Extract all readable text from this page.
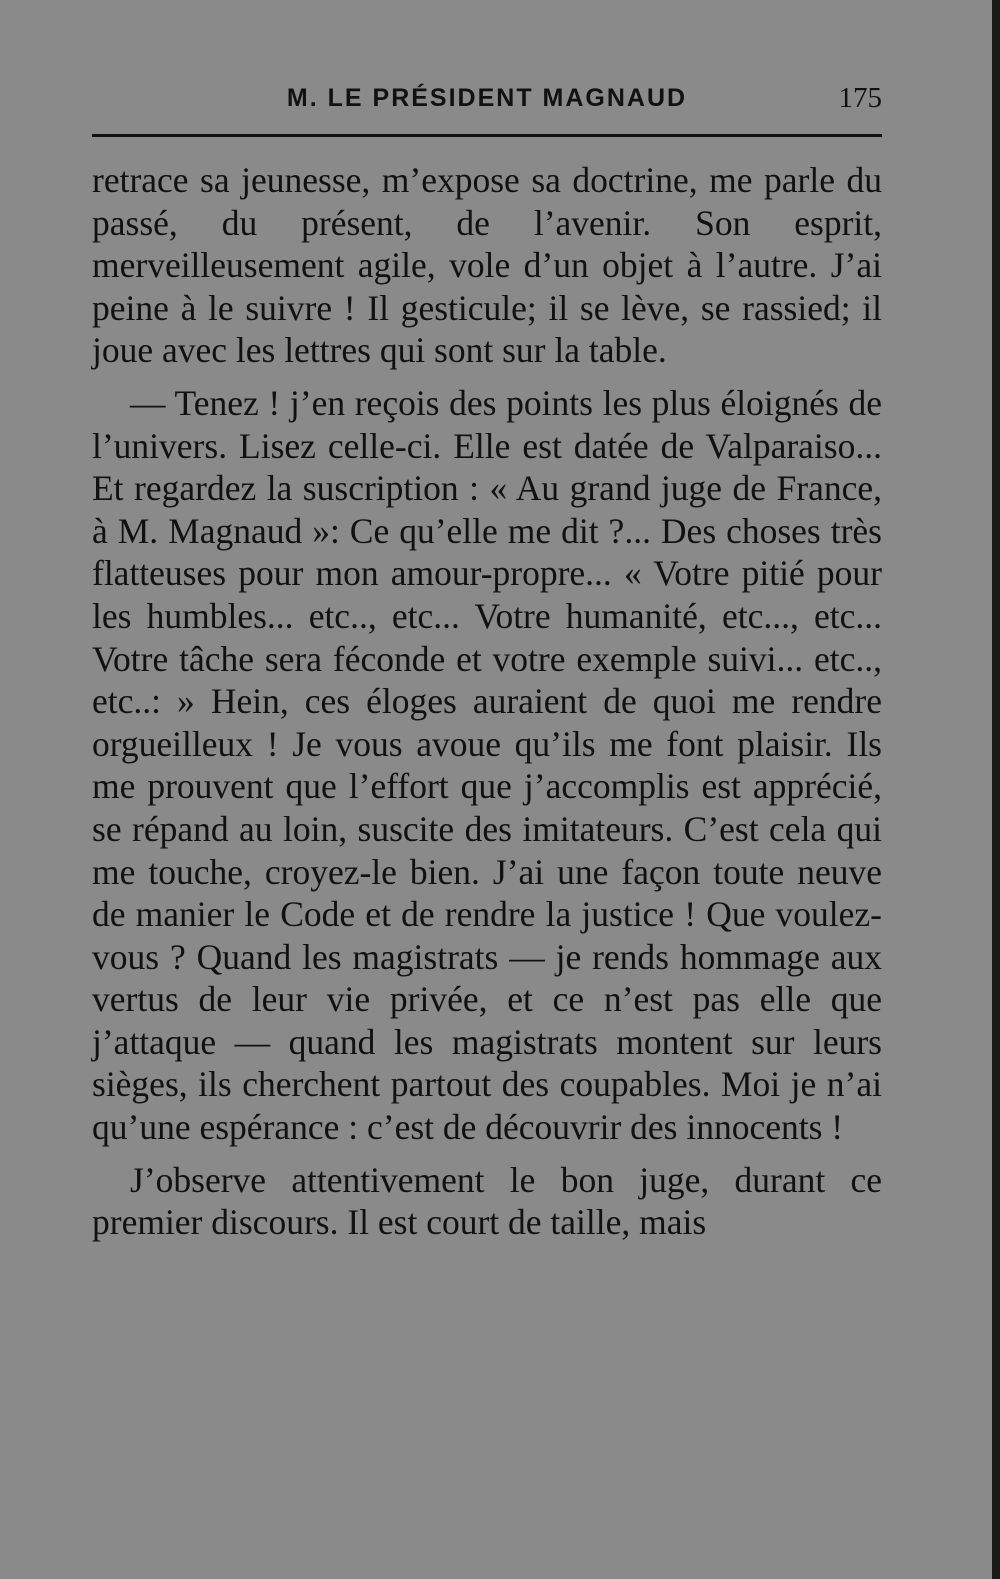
M. LE PRÉSIDENT MAGNAUD	175

retrace sa jeunesse, m’expose sa doctrine, me parle du passé, du présent, de l’avenir. Son esprit, merveilleusement agile, vole d’un objet à l’autre. J’ai peine à le suivre ! Il gesticule; il se lève, se rassied; il joue avec les lettres qui sont sur la table.

— Tenez ! j’en reçois des points les plus éloignés de l’univers. Lisez celle-ci. Elle est datée de Valparaiso... Et regardez la suscription : « Au grand juge de France, à M. Magnaud »: Ce qu’elle me dit ?... Des choses très flatteuses pour mon amour-propre... « Votre pitié pour les humbles... etc.., etc... Votre humanité, etc..., etc... Votre tâche sera féconde et votre exemple suivi... etc.., etc..: » Hein, ces éloges auraient de quoi me rendre orgueilleux ! Je vous avoue qu’ils me font plaisir. Ils me prouvent que l’effort que j’accomplis est apprécié, se répand au loin, suscite des imitateurs. C’est cela qui me touche, croyez-le bien. J’ai une façon toute neuve de manier le Code et de rendre la justice ! Que voulez-vous ? Quand les magistrats — je rends hommage aux vertus de leur vie privée, et ce n’est pas elle que j’attaque — quand les magistrats montent sur leurs sièges, ils cherchent partout des coupables. Moi je n’ai qu’une espérance : c’est de découvrir des innocents !

J’observe attentivement le bon juge, durant ce premier discours. Il est court de taille, mais
